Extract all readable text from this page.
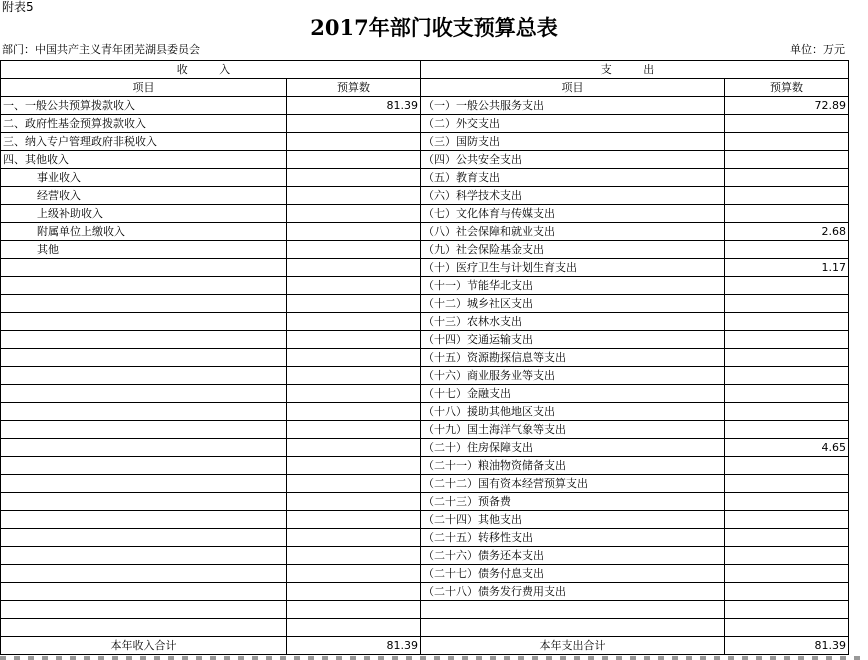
附表5
2017年部门收支预算总表
部门：中国共产主义青年团芜湖县委员会	单位：万元
收 入		支 出	
项目	预算数	项目	预算数
一、一般公共预算拨款收入	81.39	（一）一般公共服务支出	72.89
二、政府性基金预算拨款收入		（二）外交支出	
三、纳入专户管理政府非税收入		（三）国防支出	
四、其他收入		（四）公共安全支出	
事业收入		（五）教育支出	
经营收入		（六）科学技术支出	
上级补助收入		（七）文化体育与传媒支出	
附属单位上缴收入		（八）社会保障和就业支出	2.68
其他		（九）社会保险基金支出	
		（十）医疗卫生与计划生育支出	1.17
		（十一）节能华北支出	
		（十二）城乡社区支出	
		（十三）农林水支出	
		（十四）交通运输支出	
		（十五）资源勘探信息等支出	
		（十六）商业服务业等支出	
		（十七）金融支出	
		（十八）援助其他地区支出	
		（十九）国土海洋气象等支出	
		（二十）住房保障支出	4.65
		（二十一）粮油物资储备支出	
		（二十二）国有资本经营预算支出	
		（二十三）预备费	
		（二十四）其他支出	
		（二十五）转移性支出	
		（二十六）债务还本支出	
		（二十七）债务付息支出	
		（二十八）债务发行费用支出	

本年收入合计	81.39	本年支出合计	81.39
